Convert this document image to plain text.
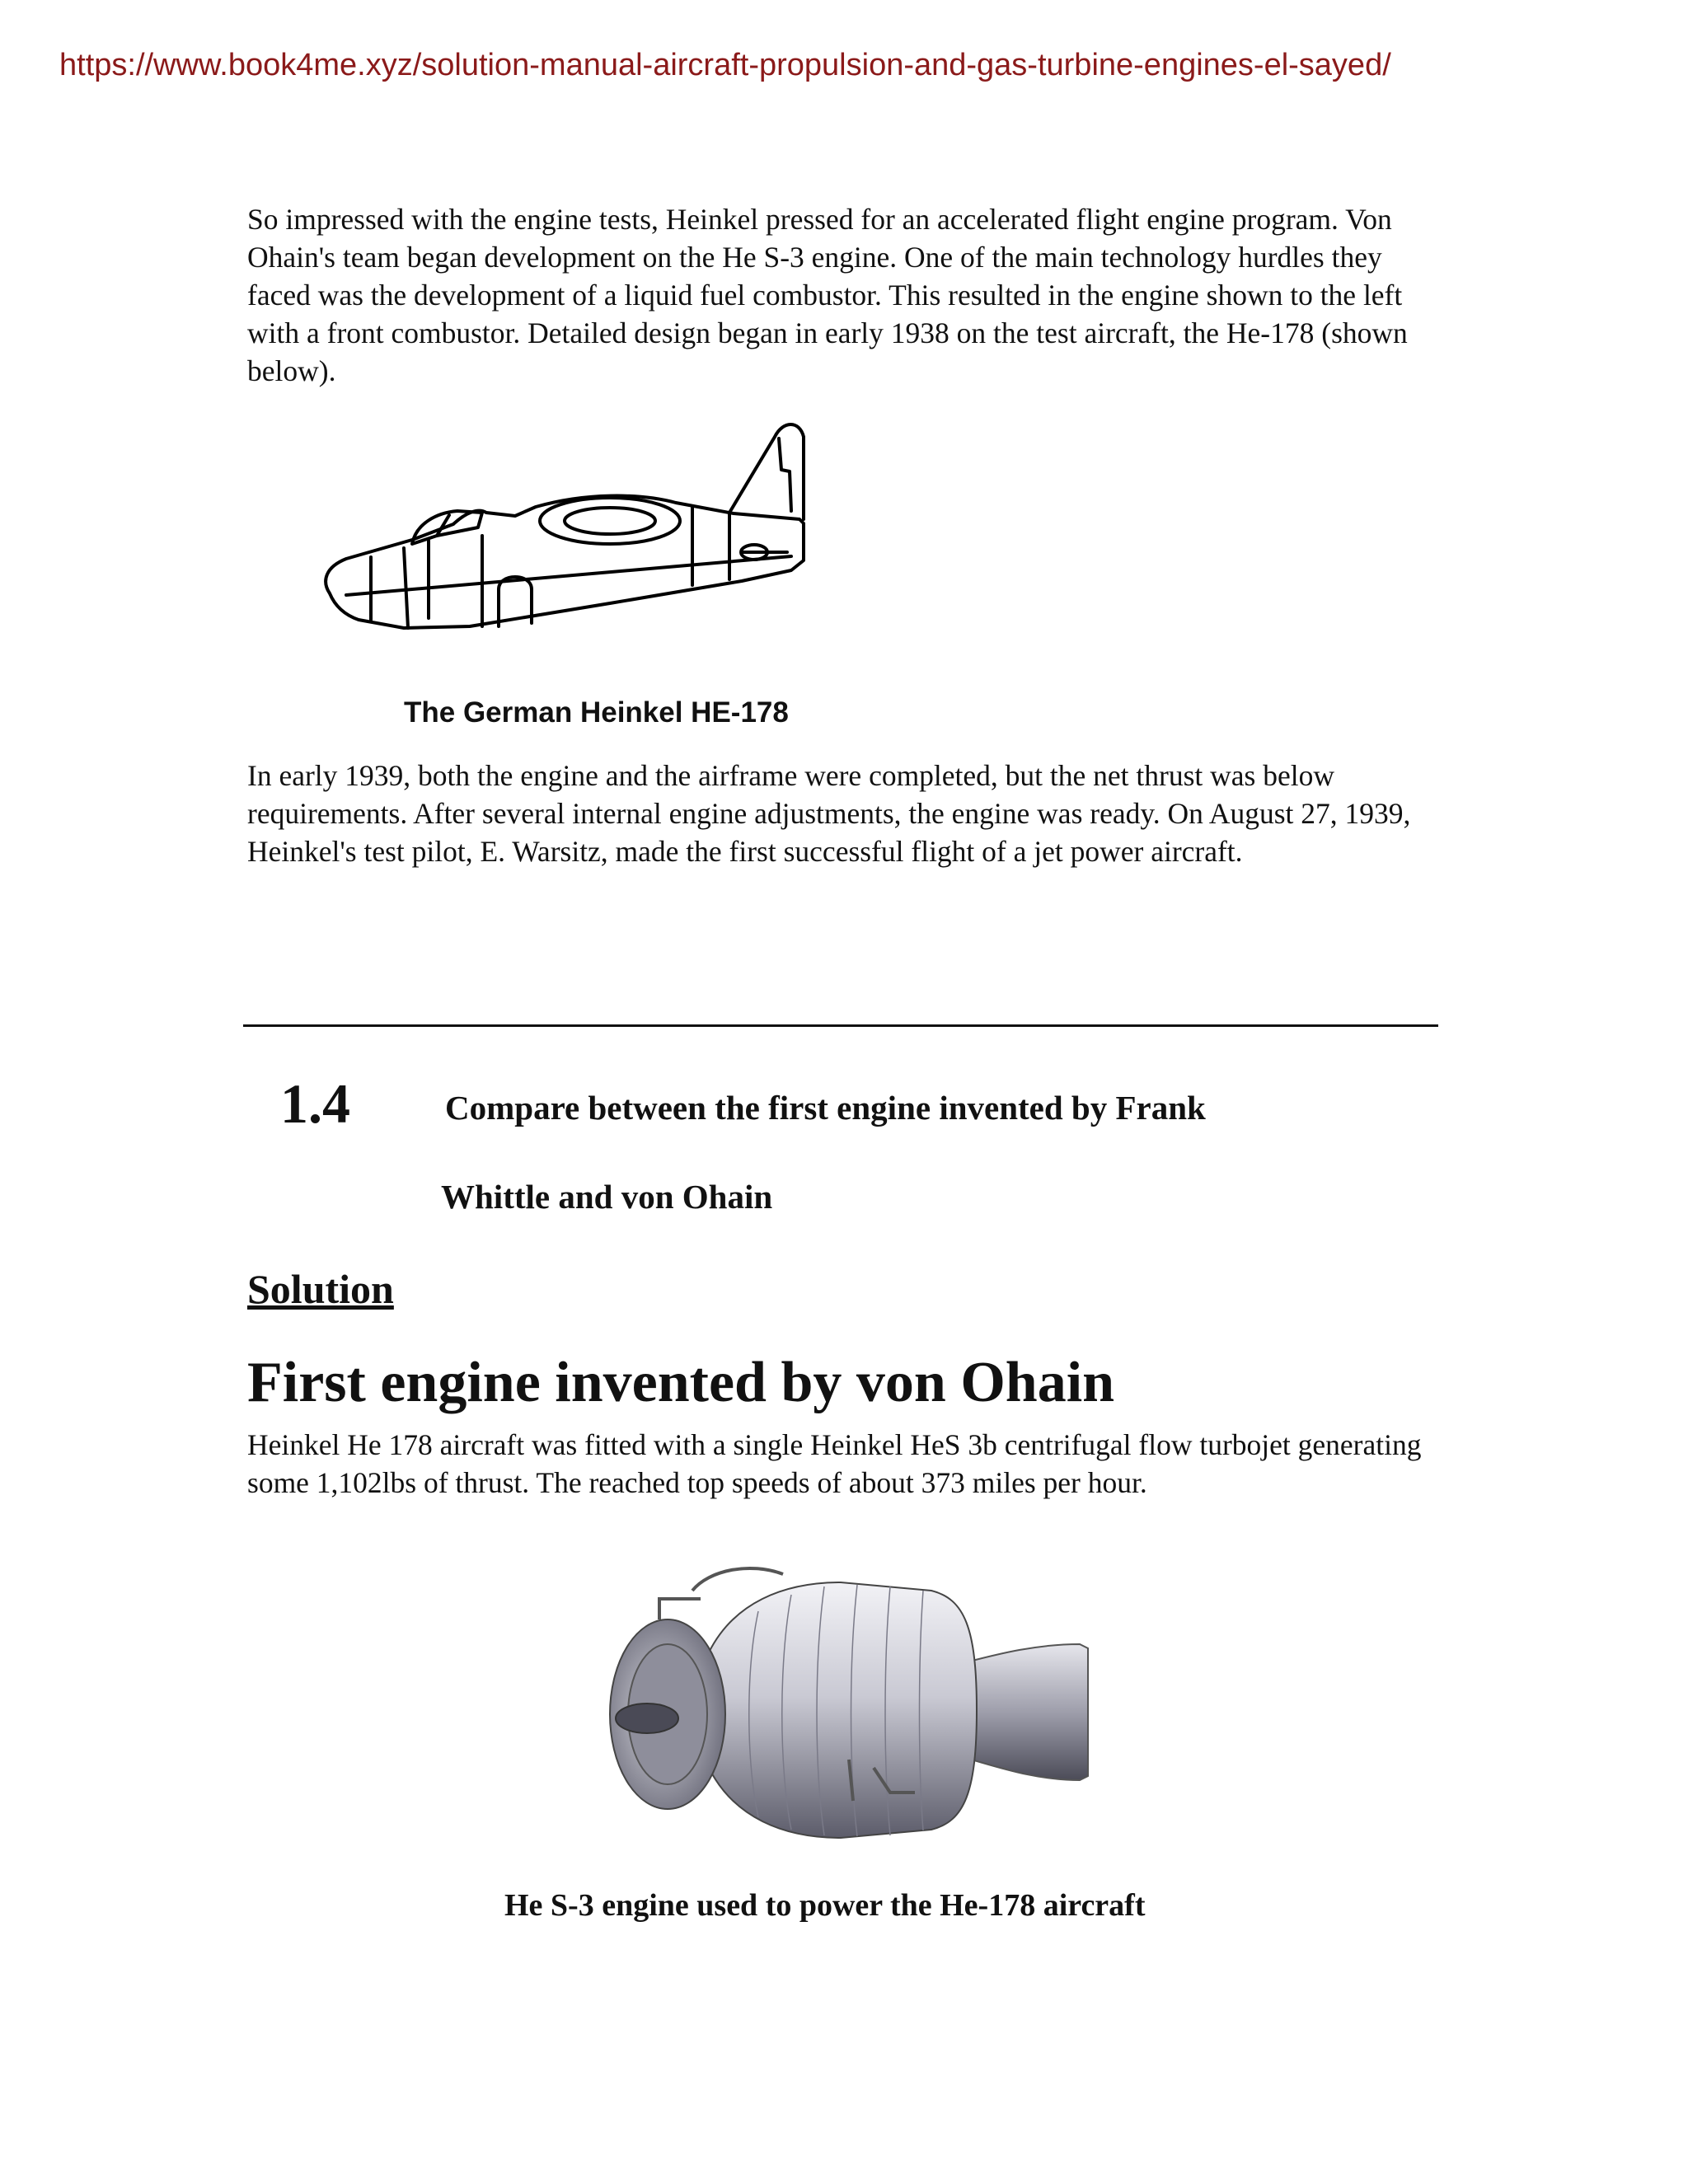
https://www.book4me.xyz/solution-manual-aircraft-propulsion-and-gas-turbine-engines-el-sayed/

So impressed with the engine tests, Heinkel pressed for an accelerated flight engine program. Von Ohain's team began development on the He S-3 engine. One of the main technology hurdles they faced was the development of a liquid fuel combustor. This resulted in the engine shown to the left with a front combustor. Detailed design began in early 1938 on the test aircraft, the He-178 (shown below).

The German Heinkel HE-178

In early 1939, both the engine and the airframe were completed, but the net thrust was below requirements. After several internal engine adjustments, the engine was ready. On August 27, 1939, Heinkel's test pilot, E. Warsitz, made the first successful flight of a jet power aircraft.

1.4	Compare between the first engine invented by Frank
Whittle and von Ohain
Solution
First engine invented by von Ohain

Heinkel He 178 aircraft was fitted with a single Heinkel HeS 3b centrifugal flow turbojet generating some 1,102lbs of thrust. The reached top speeds of about 373 miles per hour.

He S-3 engine used to power the He-178 aircraft
